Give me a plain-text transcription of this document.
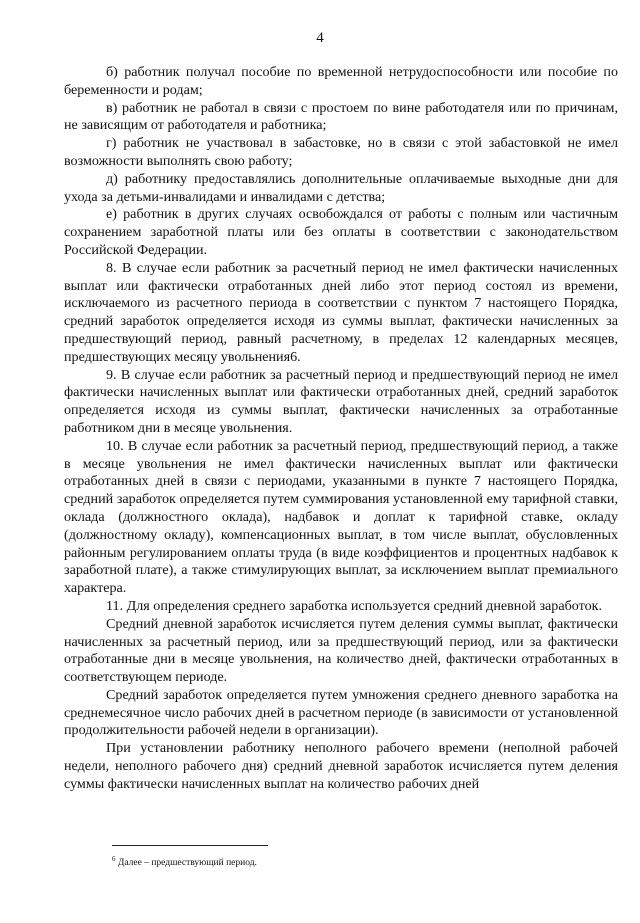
4

б) работник получал пособие по временной нетрудоспособности или пособие по беременности и родам;

в) работник не работал в связи с простоем по вине работодателя или по причинам, не зависящим от работодателя и работника;

г) работник не участвовал в забастовке, но в связи с этой забастовкой не имел возможности выполнять свою работу;

д) работнику предоставлялись дополнительные оплачиваемые выходные дни для ухода за детьми-инвалидами и инвалидами с детства;

е) работник в других случаях освобождался от работы с полным или частичным сохранением заработной платы или без оплаты в соответствии с законодательством Российской Федерации.

8. В случае если работник за расчетный период не имел фактически начисленных выплат или фактически отработанных дней либо этот период состоял из времени, исключаемого из расчетного периода в соответствии с пунктом 7 настоящего Порядка, средний заработок определяется исходя из суммы выплат, фактически начисленных за предшествующий период, равный расчетному, в пределах 12 календарных месяцев, предшествующих месяцу увольнения6.

9. В случае если работник за расчетный период и предшествующий период не имел фактически начисленных выплат или фактически отработанных дней, средний заработок определяется исходя из суммы выплат, фактически начисленных за отработанные работником дни в месяце увольнения.

10. В случае если работник за расчетный период, предшествующий период, а также в месяце увольнения не имел фактически начисленных выплат или фактически отработанных дней в связи с периодами, указанными в пункте 7 настоящего Порядка, средний заработок определяется путем суммирования установленной ему тарифной ставки, оклада (должностного оклада), надбавок и доплат к тарифной ставке, окладу (должностному окладу), компенсационных выплат, в том числе выплат, обусловленных районным регулированием оплаты труда (в виде коэффициентов и процентных надбавок к заработной плате), а также стимулирующих выплат, за исключением выплат премиального характера.

11. Для определения среднего заработка используется средний дневной заработок.

Средний дневной заработок исчисляется путем деления суммы выплат, фактически начисленных за расчетный период, или за предшествующий период, или за фактически отработанные дни в месяце увольнения, на количество дней, фактически отработанных в соответствующем периоде.

Средний заработок определяется путем умножения среднего дневного заработка на среднемесячное число рабочих дней в расчетном периоде (в зависимости от установленной продолжительности рабочей недели в организации).

При установлении работнику неполного рабочего времени (неполной рабочей недели, неполного рабочего дня) средний дневной заработок исчисляется путем деления суммы фактически начисленных выплат на количество рабочих дней

$^6$ Далее – предшествующий период.
